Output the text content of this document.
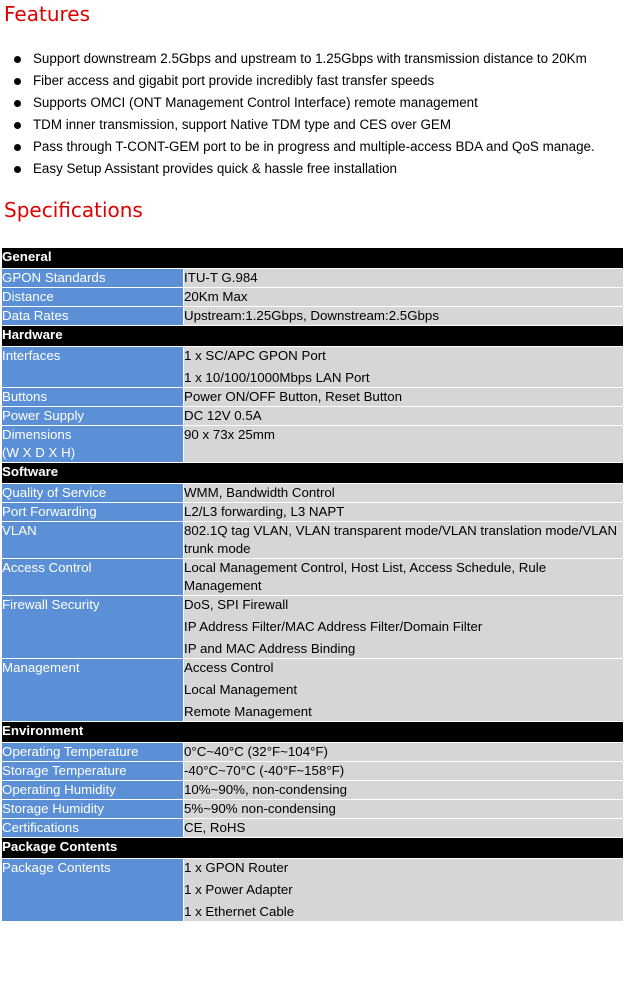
Features
Support downstream 2.5Gbps and upstream to 1.25Gbps with transmission distance to 20Km
Fiber access and gigabit port provide incredibly fast transfer speeds
Supports OMCI (ONT Management Control Interface) remote management
TDM inner transmission, support Native TDM type and CES over GEM
Pass through T-CONT-GEM port to be in progress and multiple-access BDA and QoS manage.
Easy Setup Assistant provides quick & hassle free installation
Specifications
General	
GPON Standards	ITU-T G.984

Distance	20Km Max

Data Rates	Upstream:1.25Gbps, Downstream:2.5Gbps

Hardware	
Interfaces	1 x SC/APC GPON Port
1 x 10/100/1000Mbps LAN Port

Buttons	Power ON/OFF Button, Reset Button

Power Supply	DC 12V 0.5A

Dimensions
(W X D X H)	90 x 73x 25mm

Software	
Quality of Service	WMM, Bandwidth Control

Port Forwarding	L2/L3 forwarding, L3 NAPT

VLAN	802.1Q tag VLAN, VLAN transparent mode/VLAN translation mode/VLAN trunk mode

Access Control	Local Management Control, Host List, Access Schedule, Rule Management

Firewall Security	DoS, SPI Firewall
IP Address Filter/MAC Address Filter/Domain Filter
IP and MAC Address Binding

Management	Access Control
Local Management
Remote Management

Environment	
Operating Temperature	0°C~40°C (32°F~104°F)

Storage Temperature	-40°C~70°C (-40°F~158°F)

Operating Humidity	10%~90%, non-condensing

Storage Humidity	5%~90% non-condensing

Certifications	CE, RoHS

Package Contents	
Package Contents	1 x GPON Router
1 x Power Adapter
1 x Ethernet Cable
